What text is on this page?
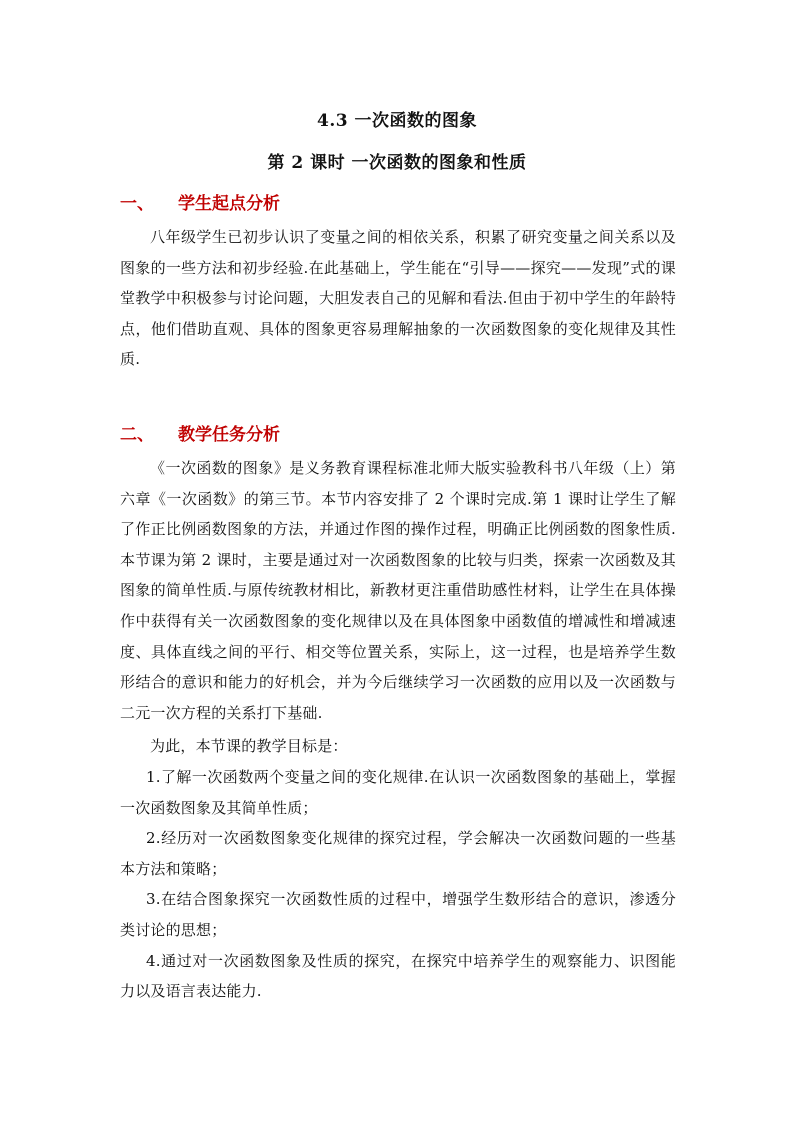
4.3 一次函数的图象
第 2 课时 一次函数的图象和性质
一、 学生起点分析

八年级学生已初步认识了变量之间的相依关系，积累了研究变量之间关系以及图象的一些方法和初步经验.在此基础上，学生能在“引导——探究——发现”式的课堂教学中积极参与讨论问题，大胆发表自己的见解和看法.但由于初中学生的年龄特点，他们借助直观、具体的图象更容易理解抽象的一次函数图象的变化规律及其性质.

二、 教学任务分析

《一次函数的图象》是义务教育课程标准北师大版实验教科书八年级（上）第六章《一次函数》的第三节。本节内容安排了 2 个课时完成.第 1 课时让学生了解了作正比例函数图象的方法，并通过作图的操作过程，明确正比例函数的图象性质.本节课为第 2 课时，主要是通过对一次函数图象的比较与归类，探索一次函数及其图象的简单性质.与原传统教材相比，新教材更注重借助感性材料，让学生在具体操作中获得有关一次函数图象的变化规律以及在具体图象中函数值的增减性和增减速度、具体直线之间的平行、相交等位置关系，实际上，这一过程，也是培养学生数形结合的意识和能力的好机会，并为今后继续学习一次函数的应用以及一次函数与二元一次方程的关系打下基础.

为此，本节课的教学目标是：

1.了解一次函数两个变量之间的变化规律.在认识一次函数图象的基础上，掌握一次函数图象及其简单性质；
2.经历对一次函数图象变化规律的探究过程，学会解决一次函数问题的一些基本方法和策略；
3.在结合图象探究一次函数性质的过程中，增强学生数形结合的意识，渗透分类讨论的思想；
4.通过对一次函数图象及性质的探究，在探究中培养学生的观察能力、识图能力以及语言表达能力.
